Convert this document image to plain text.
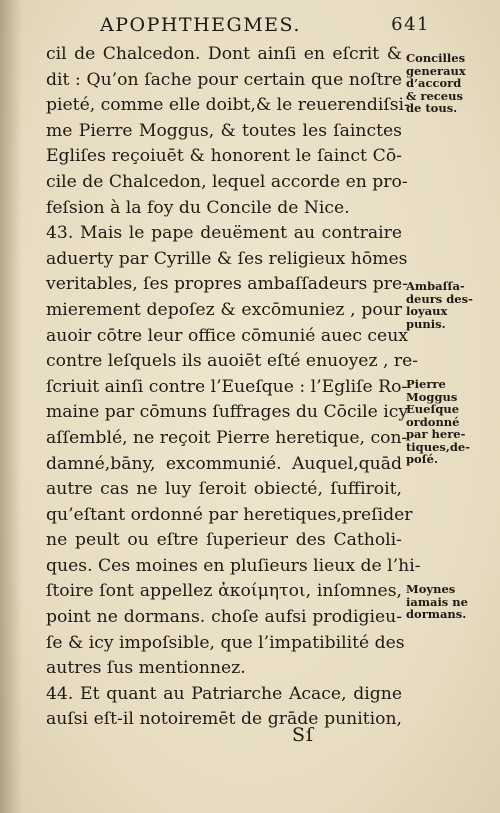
APOPHTHEGMES.	641
cil de Chalcedon. Dont ainſi en eſcrit &
dit : Qu’on ſache pour certain que noſtre
pieté, comme elle doibt,& le reuerendiſsi-
me Pierre Moggus, & toutes les ſainctes
Egliſes reçoiuēt & honorent le ſainct Cō-
cile de Chalcedon, lequel accorde en pro-
feſsion à la foy du Concile de Nice.
43. Mais le pape deuëment au contraire
aduerty par Cyrille & ſes religieux hōmes
veritables, ſes propres ambaſſadeurs pre-
mierement depoſez & excōmuniez , pour
auoir cōtre leur office cōmunié auec ceux
contre leſquels ils auoiēt eſté enuoyez , re-
ſcriuit ainſi contre l’Eueſque : l’Egliſe Ro-
maine par cōmuns ſuffrages du Cōcile icy
aſſemblé, ne reçoit Pierre heretique, con-
damné,bāny, excommunié. Auquel,quād
autre cas ne luy ſeroit obiecté, ſuffiroit,
qu’eſtant ordonné par heretiques,preſider
ne peult ou eſtre ſuperieur des Catholi-
ques. Ces moines en pluſieurs lieux de l’hi-
ſtoire ſont appellez ἀκοίμητοι, inſomnes,
point ne dormans. choſe aufsi prodigieu-
ſe & icy impoſsible, que l’impatibilité des
autres ſus mentionnez.
44. Et quant au Patriarche Acace, digne
auſsi eſt-il notoiremēt de grāde punition,
Concilles
generaux
d’accord
& receus
de tous.
Ambaſſa-
deurs des-
loyaux
punis.
Pierre
Moggus
Eueſque
ordonné
par here-
tiques,de-
poſé.
Moynes
iamais ne
dormans.
Sſ
